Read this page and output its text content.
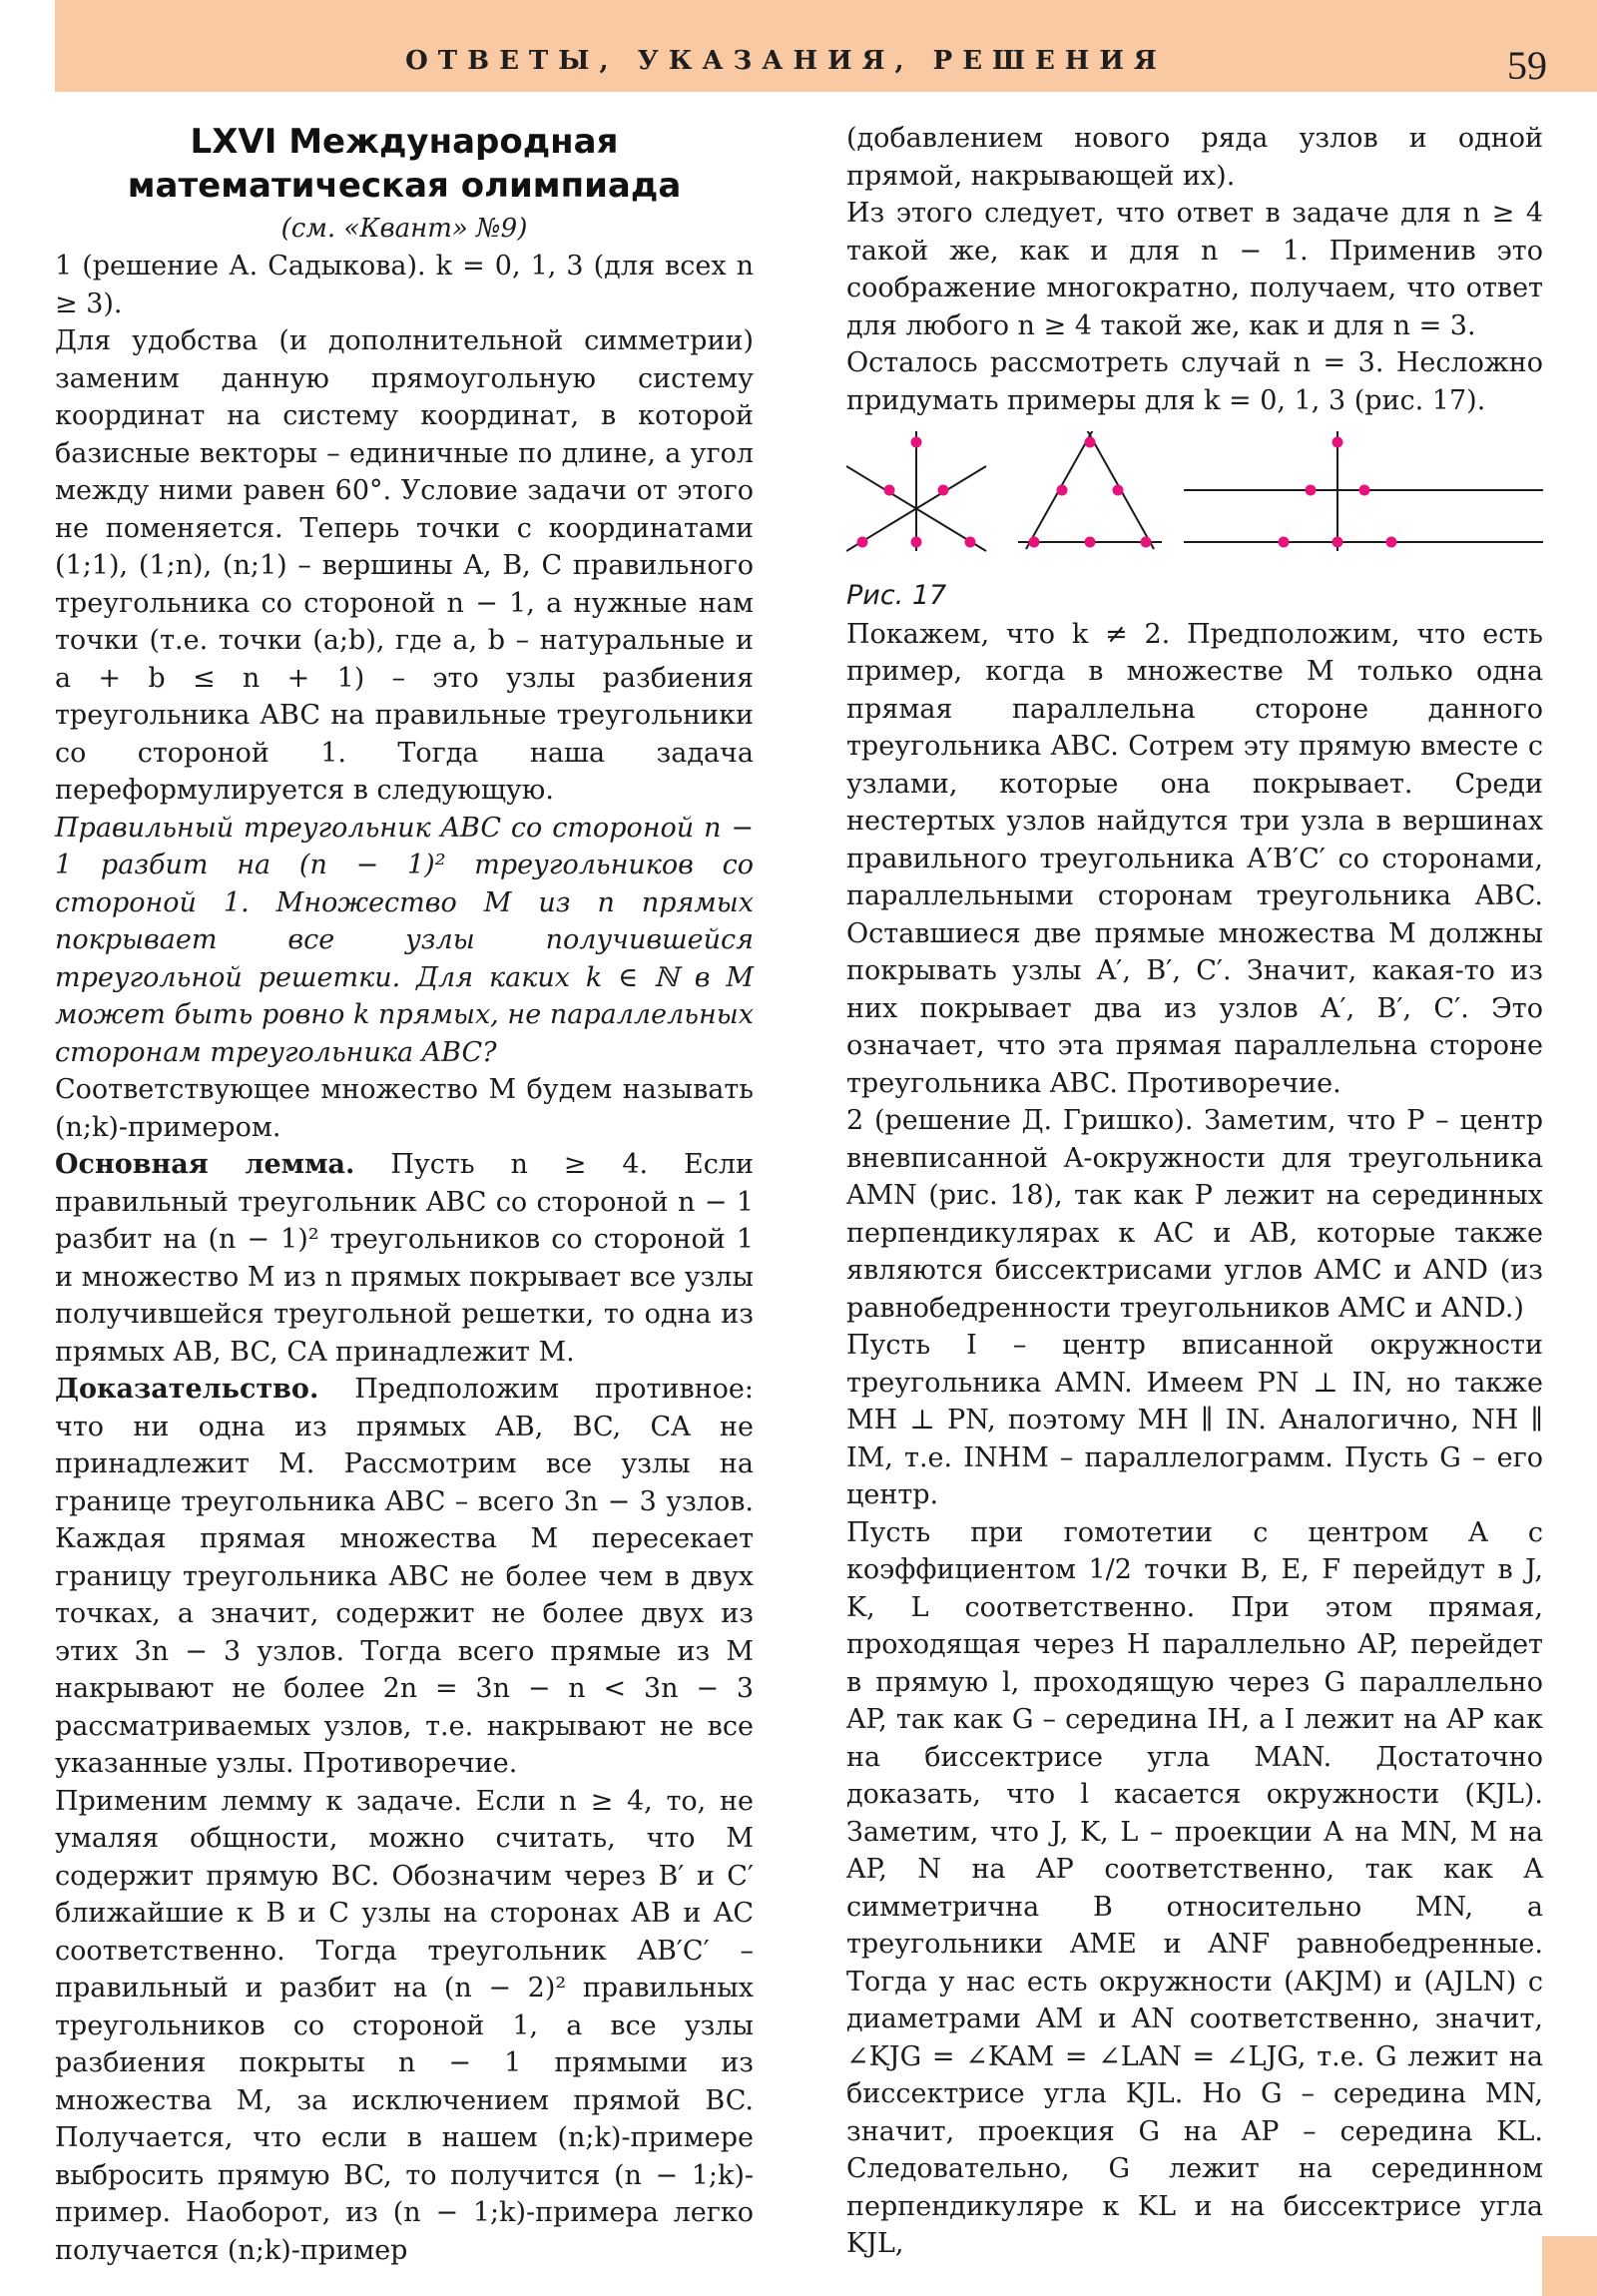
ОТВЕТЫ, УКАЗАНИЯ, РЕШЕНИЯ	59
LXVI Международная
математическая олимпиада

(см. «Квант» №9)

1 (решение А. Садыкова). k = 0, 1, 3 (для всех n ≥ 3).

Для удобства (и дополнительной симметрии) заменим данную прямоугольную систему координат на систему координат, в которой базисные векторы – единичные по длине, а угол между ними равен 60°. Условие задачи от этого не поменяется. Теперь точки с координатами (1;1), (1;n), (n;1) – вершины A, B, C правильного треугольника со стороной n − 1, а нужные нам точки (т.е. точки (a;b), где a, b – натуральные и a + b ≤ n + 1) – это узлы разбиения треугольника ABC на правильные треугольники со стороной 1. Тогда наша задача переформулируется в следующую.

Правильный треугольник ABC со стороной n − 1 разбит на (n − 1)² треугольников со стороной 1. Множество M из n прямых покрывает все узлы получившейся треугольной решетки. Для каких k ∈ ℕ в M может быть ровно k прямых, не параллельных сторонам треугольника ABC?

Соответствующее множество M будем называть (n;k)-примером.

Основная лемма. Пусть n ≥ 4. Если правильный треугольник ABC со стороной n − 1 разбит на (n − 1)² треугольников со стороной 1 и множество M из n прямых покрывает все узлы получившейся треугольной решетки, то одна из прямых AB, BC, CA принадлежит M.

Доказательство. Предположим противное: что ни одна из прямых AB, BC, CA не принадлежит M. Рассмотрим все узлы на границе треугольника ABC – всего 3n − 3 узлов. Каждая прямая множества M пересекает границу треугольника ABC не более чем в двух точках, а значит, содержит не более двух из этих 3n − 3 узлов. Тогда всего прямые из M накрывают не более 2n = 3n − n < 3n − 3 рассматриваемых узлов, т.е. накрывают не все указанные узлы. Противоречие.

Применим лемму к задаче. Если n ≥ 4, то, не умаляя общности, можно считать, что M содержит прямую BC. Обозначим через B′ и C′ ближайшие к B и C узлы на сторонах AB и AC соответственно. Тогда треугольник AB′C′ – правильный и разбит на (n − 2)² правильных треугольников со стороной 1, а все узлы разбиения покрыты n − 1 прямыми из множества M, за исключением прямой BC. Получается, что если в нашем (n;k)-примере выбросить прямую BC, то получится (n − 1;k)-пример. Наоборот, из (n − 1;k)-примера легко получается (n;k)-пример

(добавлением нового ряда узлов и одной прямой, накрывающей их).

Из этого следует, что ответ в задаче для n ≥ 4 такой же, как и для n − 1. Применив это соображение многократно, получаем, что ответ для любого n ≥ 4 такой же, как и для n = 3.

Осталось рассмотреть случай n = 3. Несложно придумать примеры для k = 0, 1, 3 (рис. 17).

Рис. 17

Покажем, что k ≠ 2. Предположим, что есть пример, когда в множестве M только одна прямая параллельна стороне данного треугольника ABC. Сотрем эту прямую вместе с узлами, которые она покрывает. Среди нестертых узлов найдутся три узла в вершинах правильного треугольника A′B′C′ со сторонами, параллельными сторонам треугольника ABC. Оставшиеся две прямые множества M должны покрывать узлы A′, B′, C′. Значит, какая-то из них покрывает два из узлов A′, B′, C′. Это означает, что эта прямая параллельна стороне треугольника ABC. Противоречие.

2 (решение Д. Гришко). Заметим, что P – центр вневписанной A-окружности для треугольника AMN (рис. 18), так как P лежит на серединных перпендикулярах к AC и AB, которые также являются биссектрисами углов AMC и AND (из равнобедренности треугольников AMC и AND.)

Пусть I – центр вписанной окружности треугольника AMN. Имеем PN ⊥ IN, но также MH ⊥ PN, поэтому MH ∥ IN. Аналогично, NH ∥ IM, т.е. INHM – параллелограмм. Пусть G – его центр.

Пусть при гомотетии с центром A с коэффициентом 1/2 точки B, E, F перейдут в J, K, L соответственно. При этом прямая, проходящая через H параллельно AP, перейдет в прямую l, проходящую через G параллельно AP, так как G – середина IH, а I лежит на AP как на биссектрисе угла MAN. Достаточно доказать, что l касается окружности (KJL). Заметим, что J, K, L – проекции A на MN, M на AP, N на AP соответственно, так как A симметрична B относительно MN, а треугольники AME и ANF равнобедренные. Тогда у нас есть окружности (AKJM) и (AJLN) с диаметрами AM и AN соответственно, значит, ∠KJG = ∠KAM = ∠LAN = ∠LJG, т.е. G лежит на биссектрисе угла KJL. Но G – середина MN, значит, проекция G на AP – середина KL. Следовательно, G лежит на серединном перпендикуляре к KL и на биссектрисе угла KJL,
